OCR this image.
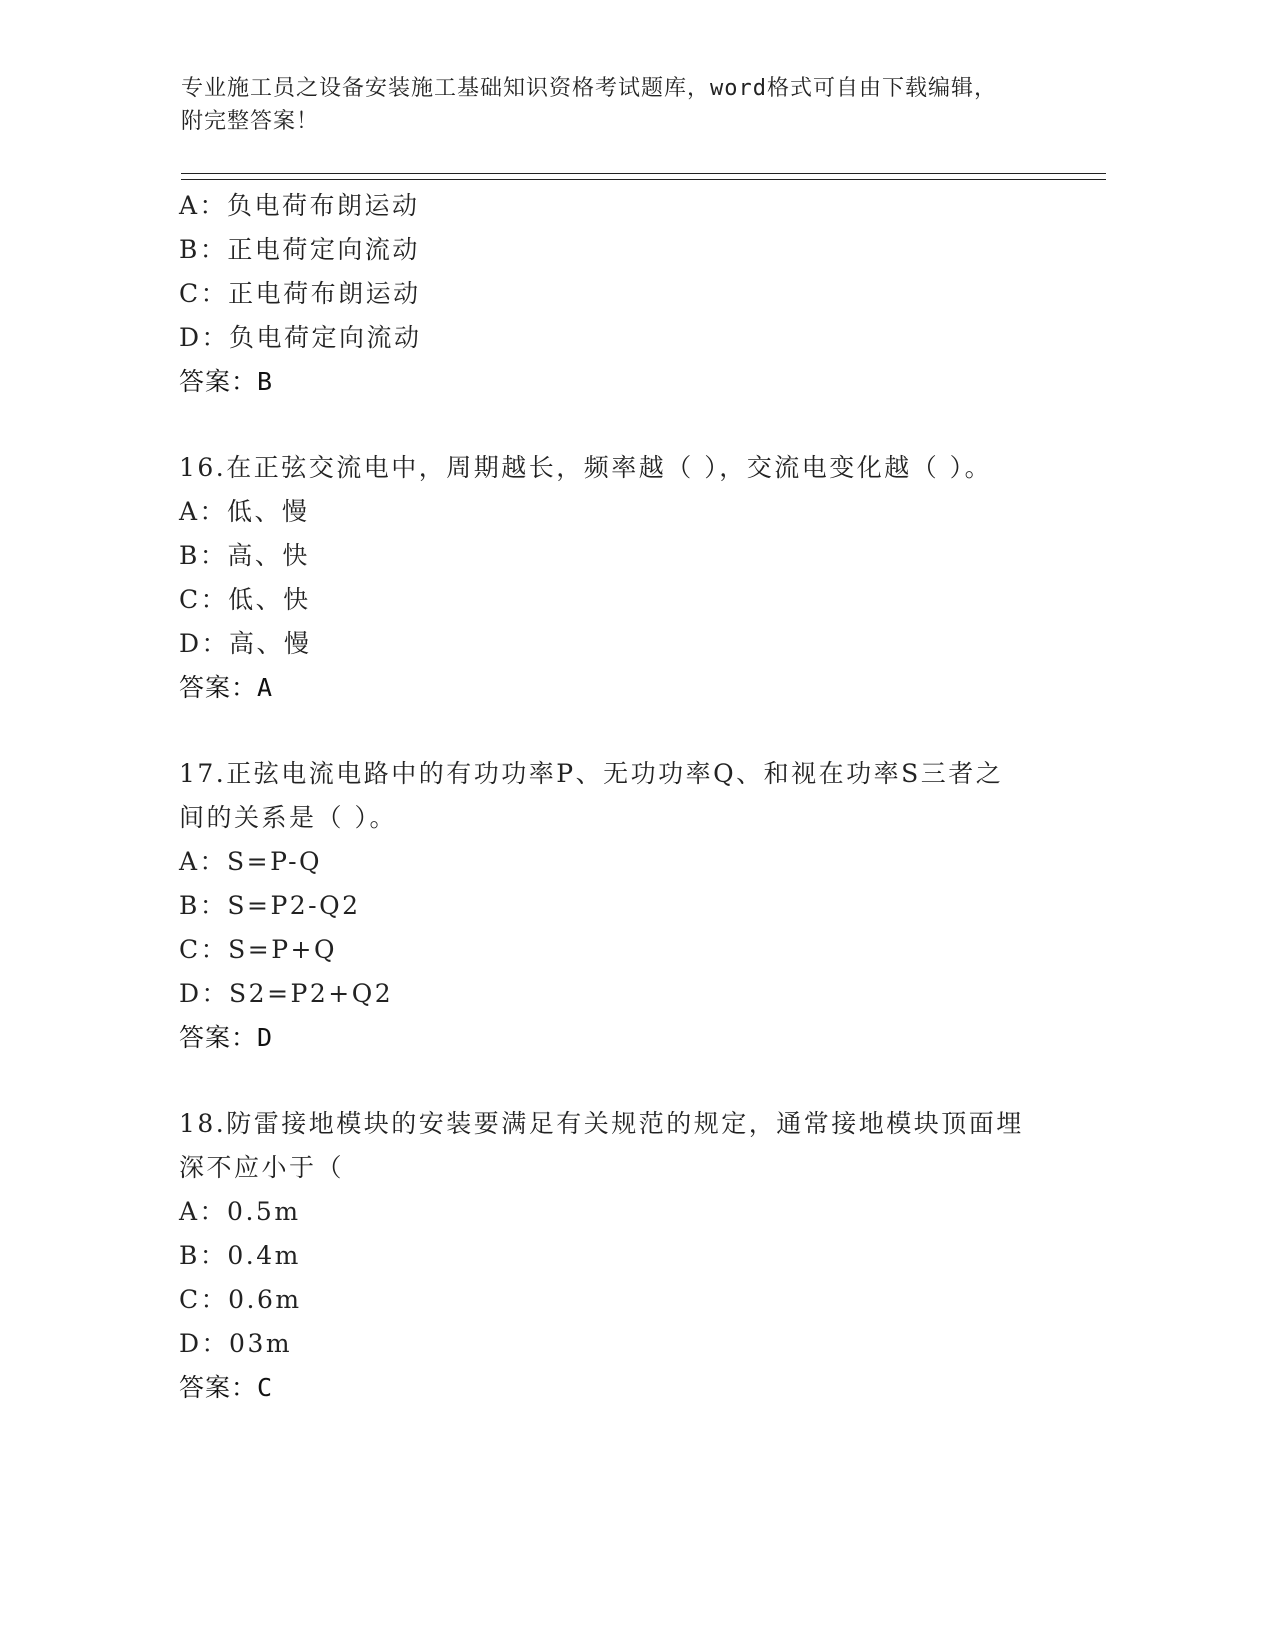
专业施工员之设备安装施工基础知识资格考试题库，word格式可自由下载编辑，
附完整答案！
A：负电荷布朗运动
B：正电荷定向流动
C：正电荷布朗运动
D：负电荷定向流动
答案：B
16.在正弦交流电中，周期越长，频率越（ ），交流电变化越（ ）。
A：低、慢
B：高、快
C：低、快
D：高、慢
答案：A
17.正弦电流电路中的有功功率P、无功功率Q、和视在功率S三者之
间的关系是（ ）。
A：S=P-Q
B：S=P2-Q2
C：S=P+Q
D：S2=P2+Q2
答案：D
18.防雷接地模块的安装要满足有关规范的规定，通常接地模块顶面埋
深不应小于（
A：0.5m
B：0.4m
C：0.6m
D：03m
答案：C
